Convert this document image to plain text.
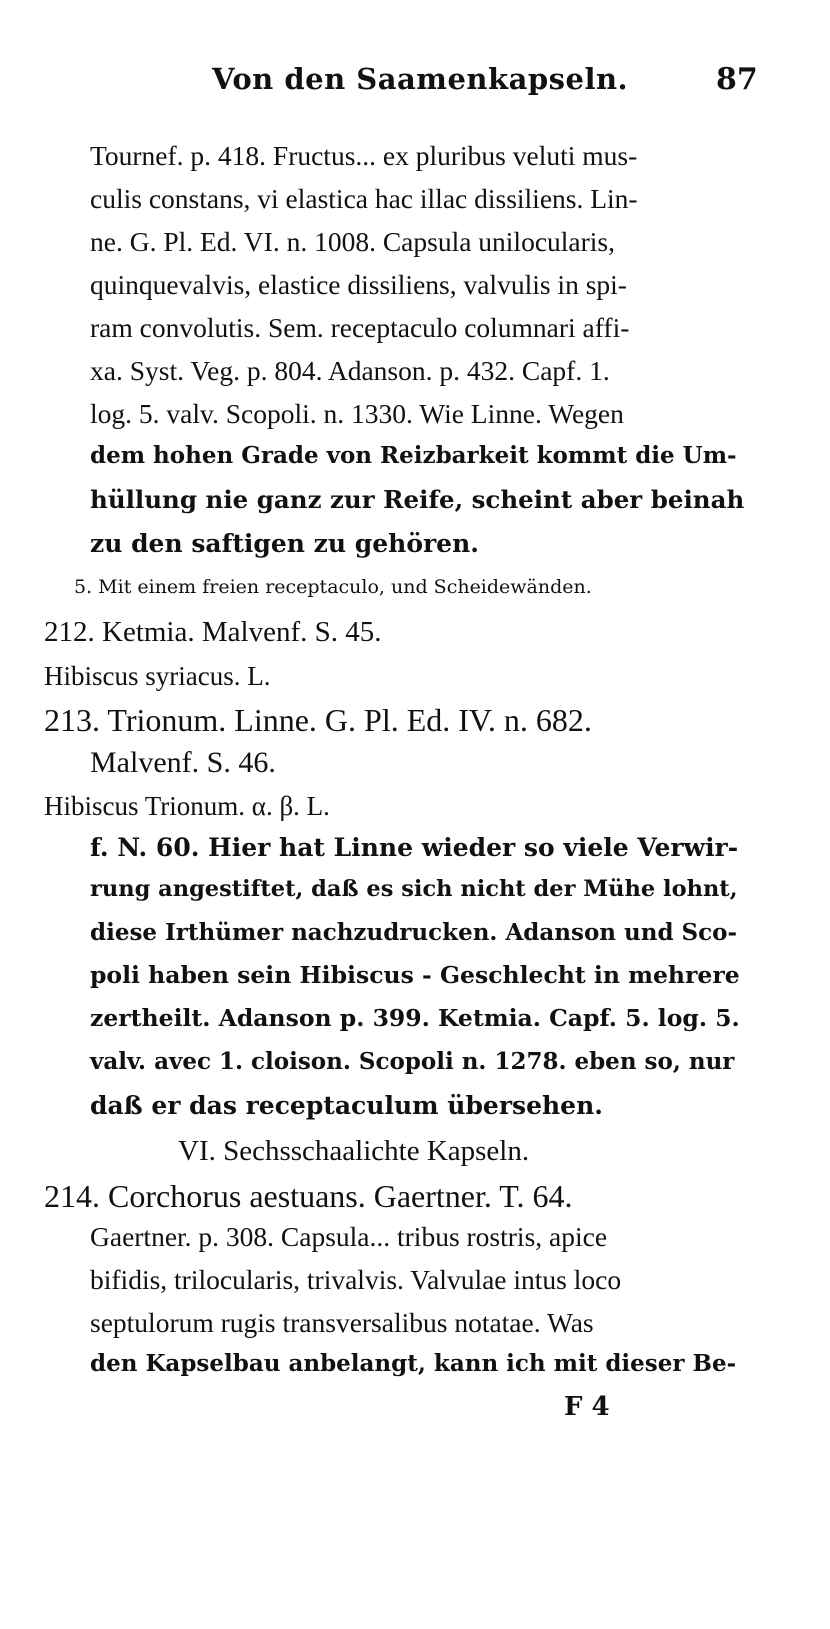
Von den Saamenkapseln.	87
Tournef. p. 418. Fructus... ex pluribus veluti mus-
culis constans, vi elastica hac illac dissiliens. Lin-
ne. G. Pl. Ed. VI. n. 1008. Capsula unilocularis,
quinquevalvis, elastice dissiliens, valvulis in spi-
ram convolutis. Sem. receptaculo columnari affi-
xa. Syst. Veg. p. 804. Adanson. p. 432. Capf. 1.
log. 5. valv. Scopoli. n. 1330. Wie Linne. Wegen
dem hohen Grade von Reizbarkeit kommt die Um-
hüllung nie ganz zur Reife, scheint aber beinah
zu den saftigen zu gehören.
5. Mit einem freien receptaculo, und Scheidewänden.
212. Ketmia. Malvenf. S. 45.
Hibiscus syriacus. L.
213. Trionum. Linne. G. Pl. Ed. IV. n. 682.
Malvenf. S. 46.
Hibiscus Trionum. α. β. L.
f. N. 60. Hier hat Linne wieder so viele Verwir-
rung angestiftet, daß es sich nicht der Mühe lohnt,
diese Irthümer nachzudrucken. Adanson und Sco-
poli haben sein Hibiscus - Geschlecht in mehrere
zertheilt. Adanson p. 399. Ketmia. Capf. 5. log. 5.
valv. avec 1. cloison. Scopoli n. 1278. eben so, nur
daß er das receptaculum übersehen.
VI. Sechsschaalichte Kapseln.
214. Corchorus aestuans. Gaertner. T. 64.
Gaertner. p. 308. Capsula... tribus rostris, apice
bifidis, trilocularis, trivalvis. Valvulae intus loco
septulorum rugis transversalibus notatae. Was
den Kapselbau anbelangt, kann ich mit dieser Be-
F 4
